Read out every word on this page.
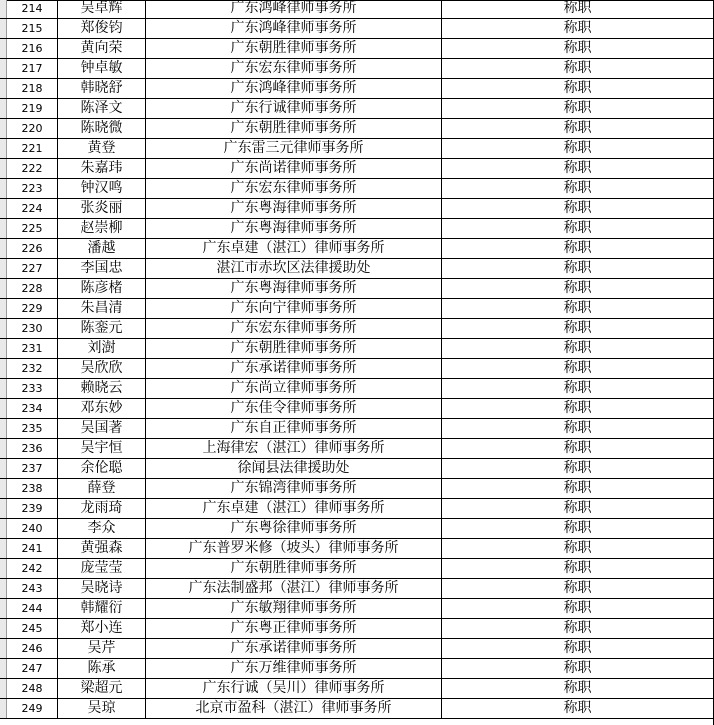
214	吴卓辉	广东鸿峰律师事务所	称职
215	郑俊钧	广东鸿峰律师事务所	称职
216	黄向荣	广东朝胜律师事务所	称职
217	钟卓敏	广东宏东律师事务所	称职
218	韩晓舒	广东鸿峰律师事务所	称职
219	陈泽文	广东行诚律师事务所	称职
220	陈晓微	广东朝胜律师事务所	称职
221	黄登	广东雷三元律师事务所	称职
222	朱嘉玮	广东尚诺律师事务所	称职
223	钟汉鸣	广东宏东律师事务所	称职
224	张炎丽	广东粤海律师事务所	称职
225	赵崇柳	广东粤海律师事务所	称职
226	潘越	广东卓建（湛江）律师事务所	称职
227	李国忠	湛江市赤坎区法律援助处	称职
228	陈彦楮	广东粤海律师事务所	称职
229	朱昌清	广东向宁律师事务所	称职
230	陈銮元	广东宏东律师事务所	称职
231	刘澍	广东朝胜律师事务所	称职
232	吴欣欣	广东承诺律师事务所	称职
233	赖晓云	广东尚立律师事务所	称职
234	邓东妙	广东佳令律师事务所	称职
235	吴国著	广东自正律师事务所	称职
236	吴宇恒	上海律宏（湛江）律师事务所	称职
237	余伦聪	徐闻县法律援助处	称职
238	薛登	广东锦湾律师事务所	称职
239	龙雨琦	广东卓建（湛江）律师事务所	称职
240	李众	广东粤徐律师事务所	称职
241	黄强森	广东普罗米修（坡头）律师事务所	称职
242	庞莹莹	广东朝胜律师事务所	称职
243	吴晓诗	广东法制盛邦（湛江）律师事务所	称职
244	韩耀衍	广东敏翔律师事务所	称职
245	郑小连	广东粤正律师事务所	称职
246	吴芹	广东承诺律师事务所	称职
247	陈承	广东万维律师事务所	称职
248	梁超元	广东行诚（吴川）律师事务所	称职
249	吴琼	北京市盈科（湛江）律师事务所	称职
